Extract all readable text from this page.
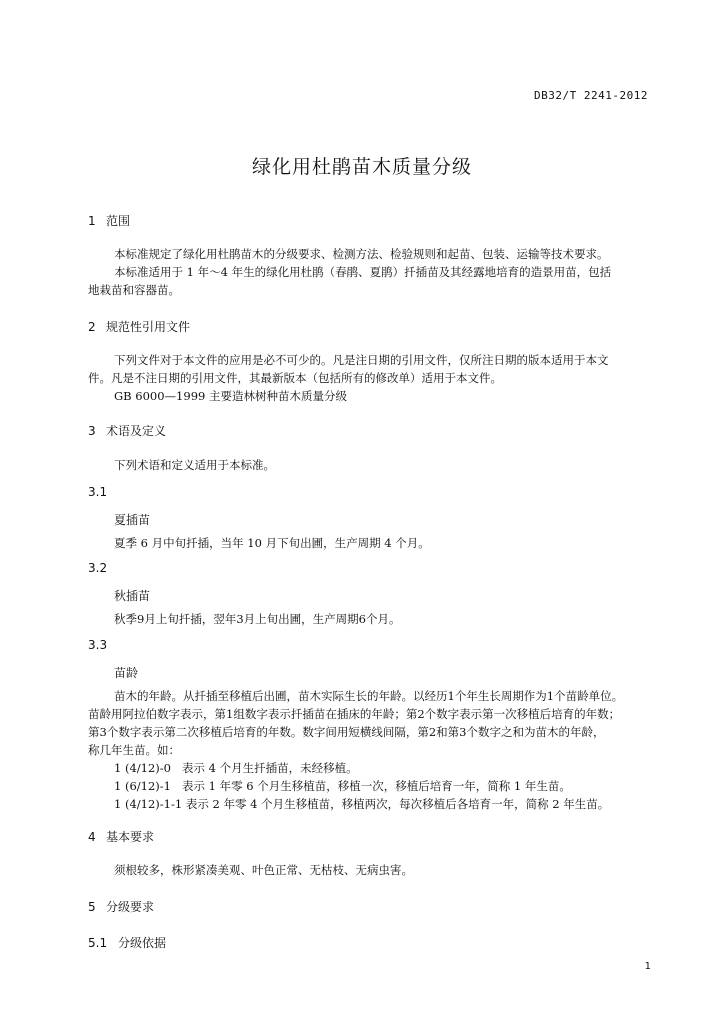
DB32/T 2241-2012
绿化用杜鹃苗木质量分级
1 范围
本标准规定了绿化用杜鹃苗木的分级要求、检测方法、检验规则和起苗、包装、运输等技术要求。
本标准适用于 1 年～4 年生的绿化用杜鹃（春鹃、夏鹃）扦插苗及其经露地培育的造景用苗，包括
地栽苗和容器苗。
2 规范性引用文件
下列文件对于本文件的应用是必不可少的。凡是注日期的引用文件，仅所注日期的版本适用于本文
件。凡是不注日期的引用文件，其最新版本（包括所有的修改单）适用于本文件。
GB 6000—1999 主要造林树种苗木质量分级
3 术语及定义
下列术语和定义适用于本标准。
3.1
夏插苗
夏季 6 月中旬扦插，当年 10 月下旬出圃，生产周期 4 个月。
3.2
秋插苗
秋季9月上旬扦插，翌年3月上旬出圃，生产周期6个月。
3.3
苗龄
苗木的年龄。从扦插至移植后出圃，苗木实际生长的年龄。以经历1个年生长周期作为1个苗龄单位。
苗龄用阿拉伯数字表示，第1组数字表示扦插苗在插床的年龄；第2个数字表示第一次移植后培育的年数；
第3个数字表示第二次移植后培育的年数。数字间用短横线间隔，第2和第3个数字之和为苗木的年龄，
称几年生苗。如：
1 (4/12)-0   表示 4 个月生扦插苗，未经移植。
1 (6/12)-1   表示 1 年零 6 个月生移植苗，移植一次，移植后培育一年，简称 1 年生苗。
1 (4/12)-1-1 表示 2 年零 4 个月生移植苗，移植两次，每次移植后各培育一年，简称 2 年生苗。
4 基本要求
须根较多，株形紧凑美观、叶色正常、无枯枝、无病虫害。
5 分级要求
5.1 分级依据
1
